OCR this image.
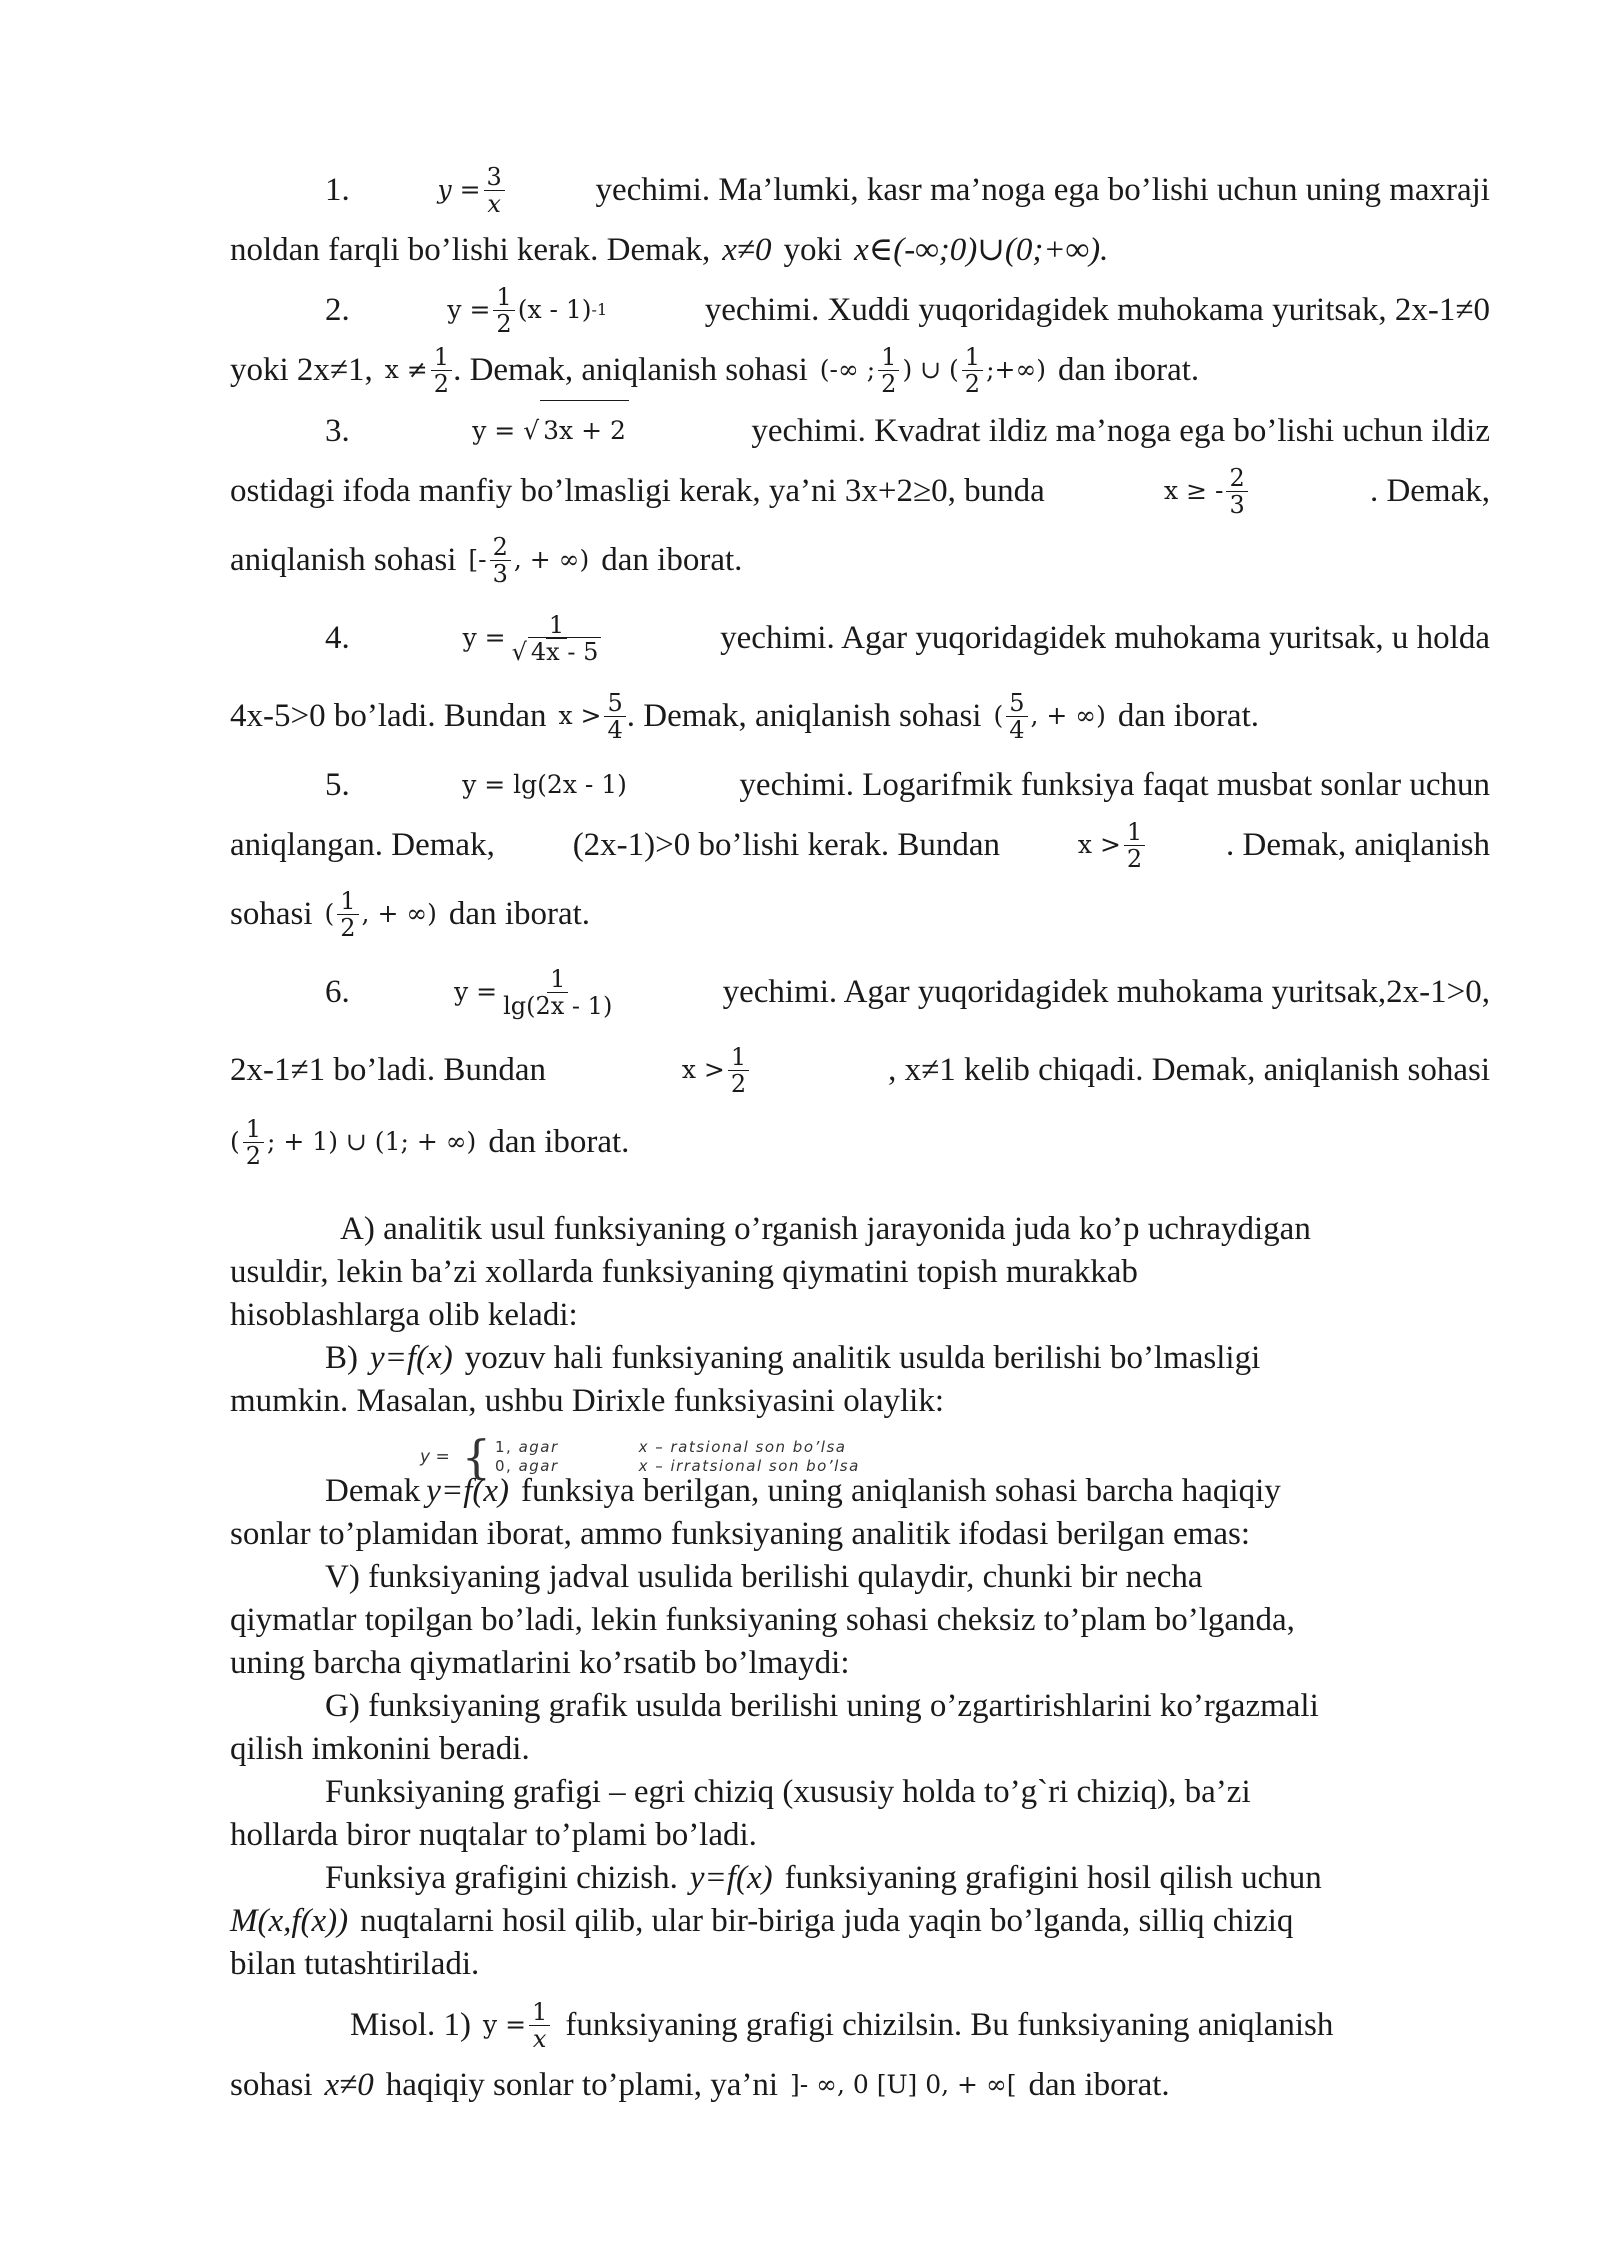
1.	y
= $\frac{3}{x}$	yechimi. Ma’lumki, kasr ma’noga ega bo’lishi uchun uning maxraji
noldan farqli bo’lishi kerak. Demak, x≠0 yoki x∈(-∞;0)∪(0;+∞).
2.	$y = \frac{1}{2} (x - 1)$ -1	yechimi. Xuddi yuqoridagidek muhokama yuritsak, 2x-1≠0
yoki 2x≠1, $x \ne \frac{1}{2}$ . Demak, aniqlanish sohasi (-∞ ; $\frac{1}{2}$ ) ∪ ( $\frac{1}{2}$ ;+∞) dan iborat.
3.	y = √ 3x + 2	yechimi. Kvadrat ildiz ma’noga ega bo’lishi uchun ildiz
ostidagi ifoda manfiy bo’lmasligi kerak, ya’ni 3x+2≥0, bunda	x ≥ - $\frac{2}{3}$	. Demak,
aniqlanish sohasi [- $\frac{2}{3}$ , + ∞) dan iborat.
4.	$y = \frac{1}{√ 4x - 5}$	yechimi. Agar yuqoridagidek muhokama yuritsak, u holda
4x-5>0 bo’ladi. Bundan $x > \frac{5}{4}$ . Demak, aniqlanish sohasi ( $\frac{5}{4}$ , + ∞) dan iborat.
5.	y = lg(2x - 1)	yechimi. Logarifmik funksiya faqat musbat sonlar uchun
aniqlangan. Demak, (2x-1)>0 bo’lishi kerak. Bundan	$x > \frac{1}{2}$ . Demak, aniqlanish
sohasi ( $\frac{1}{2}$ , + ∞) dan iborat.
6.	$y = \frac{1}{\lg(2x - 1)}$	yechimi. Agar yuqoridagidek muhokama yuritsak,2x-1>0,
2x-1≠1 bo’ladi. Bundan	$x > \frac{1}{2}$	, x≠1 kelib chiqadi. Demak, aniqlanish sohasi
( $\frac{1}{2}$ ; + 1) ∪ (1; + ∞) dan iborat.
A) analitik usul funksiyaning o’rganish jarayonida juda ko’p uchraydigan
usuldir, lekin ba’zi xollarda funksiyaning qiymatini topish murakkab
hisoblashlarga olib keladi:
B) y=f(x) yozuv hali funksiyaning analitik usulda berilishi bo’lmasligi
mumkin. Masalan, ushbu Dirixle funksiyasini olaylik:
y = { 1, agar	x – ratsional son bo’lsa
0, agar	x – irratsional son bo’lsa
Demak y=f(x) funksiya berilgan, uning aniqlanish sohasi barcha haqiqiy
sonlar to’plamidan iborat, ammo funksiyaning analitik ifodasi berilgan emas:
V) funksiyaning jadval usulida berilishi qulaydir, chunki bir necha
qiymatlar topilgan bo’ladi, lekin funksiyaning sohasi cheksiz to’plam bo’lganda,
uning barcha qiymatlarini ko’rsatib bo’lmaydi:
G) funksiyaning grafik usulda berilishi uning o’zgartirishlarini ko’rgazmali
qilish imkonini beradi.
Funksiyaning grafigi – egri chiziq (xususiy holda to’g`ri chiziq), ba’zi
hollarda biror nuqtalar to’plami bo’ladi.
Funksiya grafigini chizish. y=f(x) funksiyaning grafigini hosil qilish uchun
M(x,f(x)) nuqtalarni hosil qilib, ular bir-biriga juda yaqin bo’lganda, silliq chiziq
bilan tutashtiriladi.
Misol. 1) $y = \frac{1}{x}$ funksiyaning grafigi chizilsin. Bu funksiyaning aniqlanish
sohasi x≠0 haqiqiy sonlar to’plami, ya’ni ]- ∞, 0 [U] 0, + ∞[ dan iborat.
